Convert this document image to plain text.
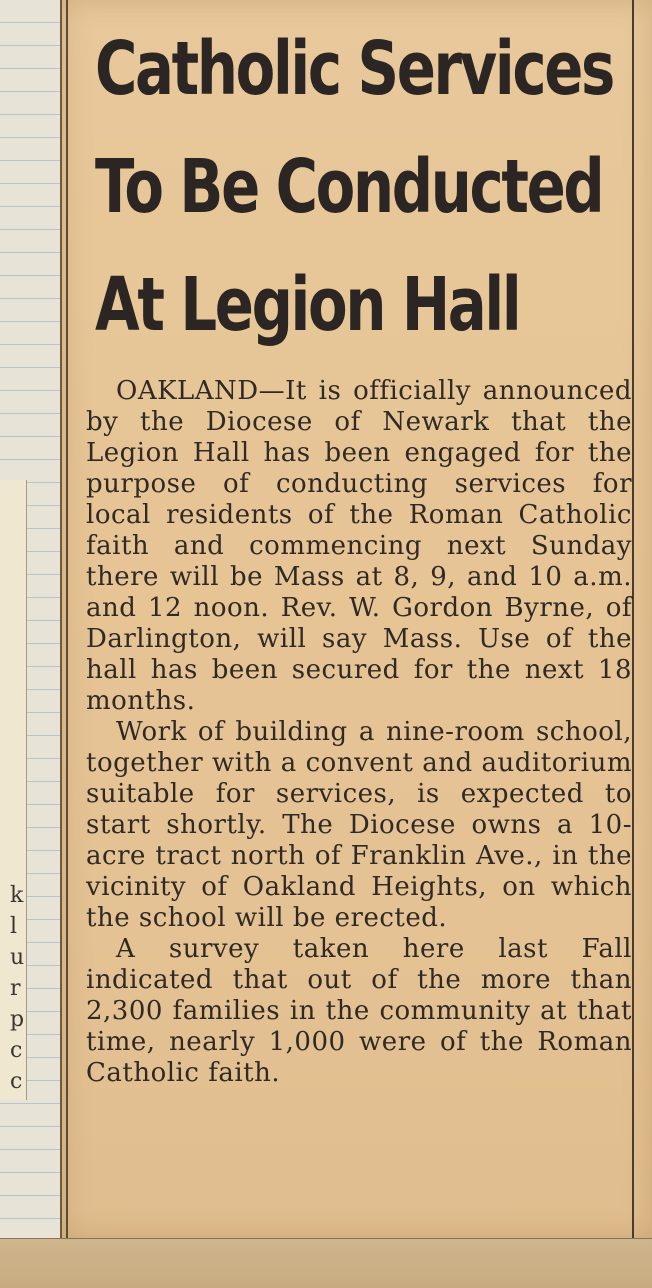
k
l
u
r
p
c
c
Catholic Services
To Be Conducted
At Legion Hall

OAKLAND—It is officially announced by the Diocese of Newark that the Legion Hall has been engaged for the purpose of conducting services for local residents of the Roman Catholic faith and commencing next Sunday there will be Mass at 8, 9, and 10 a.m. and 12 noon. Rev. W. Gordon Byrne, of Darlington, will say Mass. Use of the hall has been secured for the next 18 months.

Work of building a nine-room school, together with a convent and auditorium suitable for services, is expected to start shortly. The Diocese owns a 10-acre tract north of Franklin Ave., in the vicinity of Oakland Heights, on which the school will be erected.

A survey taken here last Fall indicated that out of the more than 2,300 families in the community at that time, nearly 1,000 were of the Roman Catholic faith.
